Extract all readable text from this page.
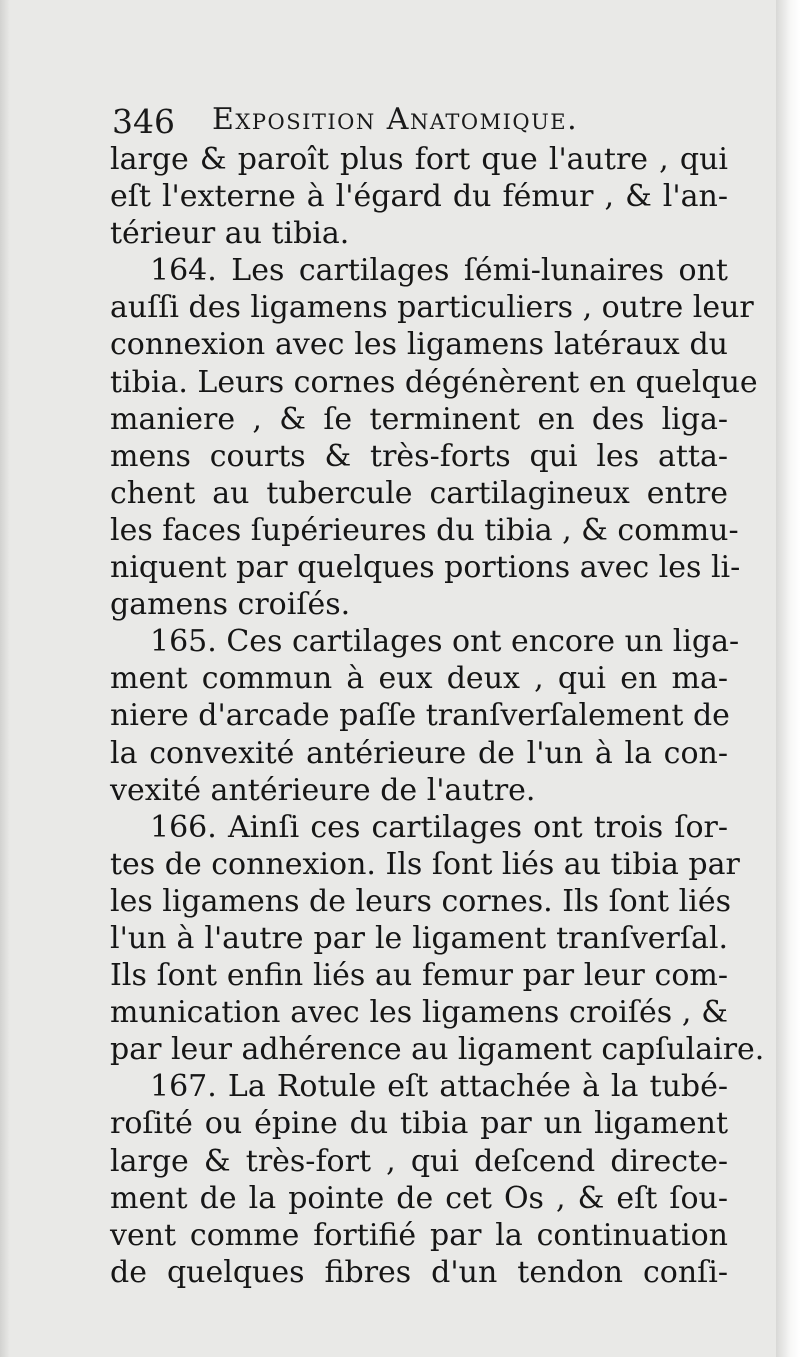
346 Exposition Anatomique.
large & paroît plus fort que l'autre , qui
eſt l'externe à l'égard du fémur , & l'an-
térieur au tibia.
164. Les cartilages ſémi-lunaires ont
auſſi des ligamens particuliers , outre leur
connexion avec les ligamens latéraux du
tibia. Leurs cornes dégénèrent en quelque
maniere , & ſe terminent en des liga-
mens courts & très-forts qui les atta-
chent au tubercule cartilagineux entre
les faces ſupérieures du tibia , & commu-
niquent par quelques portions avec les li-
gamens croiſés.
165. Ces cartilages ont encore un liga-
ment commun à eux deux , qui en ma-
niere d'arcade paſſe tranſverſalement de
la convexité antérieure de l'un à la con-
vexité antérieure de l'autre.
166. Ainſi ces cartilages ont trois ſor-
tes de connexion. Ils ſont liés au tibia par
les ligamens de leurs cornes. Ils ſont liés
l'un à l'autre par le ligament tranſverſal.
Ils ſont enfin liés au femur par leur com-
munication avec les ligamens croiſés , &
par leur adhérence au ligament capſulaire.
167. La Rotule eſt attachée à la tubé-
roſité ou épine du tibia par un ligament
large & très-fort , qui deſcend directe-
ment de la pointe de cet Os , & eſt ſou-
vent comme fortifié par la continuation
de quelques fibres d'un tendon conſi-
